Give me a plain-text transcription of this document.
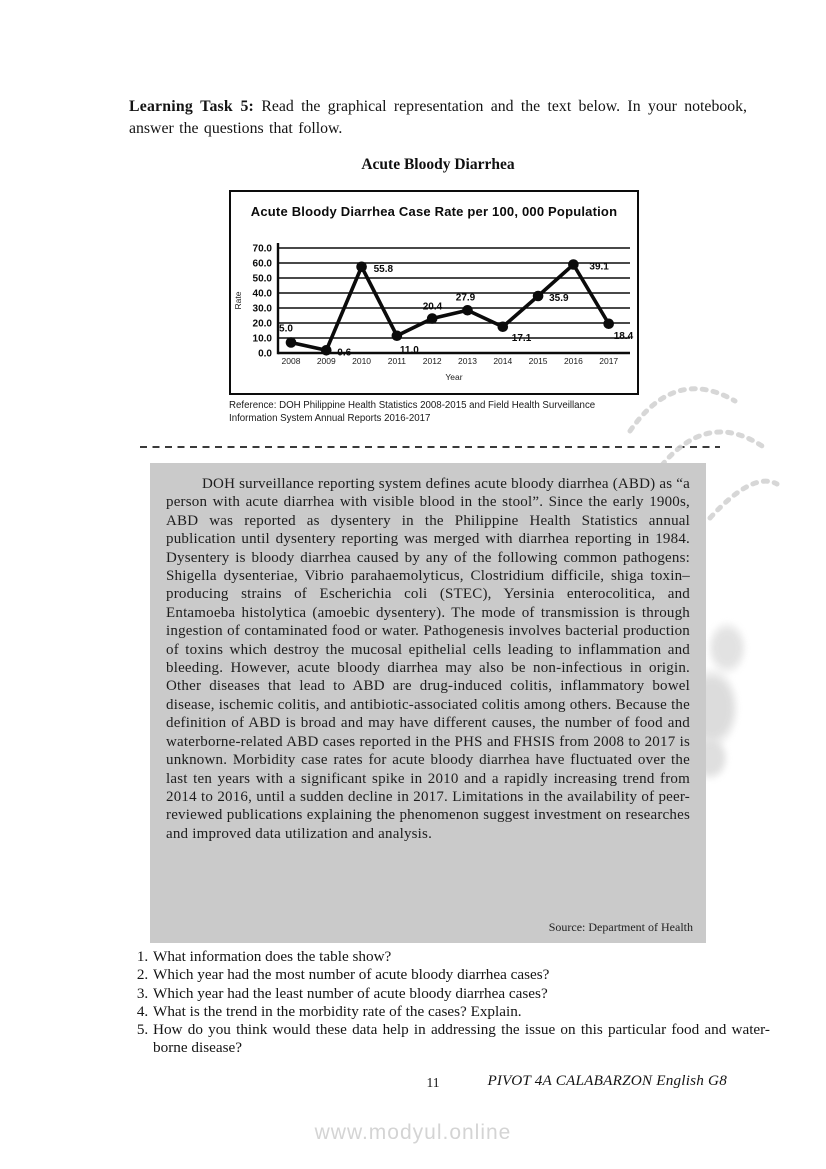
Learning Task 5: Read the graphical representation and the text below. In your notebook, answer the questions that follow.

Acute Bloody Diarrhea
Acute Bloody Diarrhea Case Rate per 100, 000 Population
0.0
10.0
20.0
30.0
40.0
50.0
60.0
70.0
2008 2009 2010 2011 2012 2013 2014 2015 2016 2017
Year
Rate
5.0
0.6
55.8
11.0
20.4
27.9
17.1
35.9
39.1
18.4

Reference: DOH Philippine Health Statistics 2008-2015 and Field Health Surveillance Information System Annual Reports 2016-2017

DOH surveillance reporting system defines acute bloody diarrhea (ABD) as “a person with acute diarrhea with visible blood in the stool”. Since the early 1900s, ABD was reported as dysentery in the Philippine Health Statistics annual publication until dysentery reporting was merged with diarrhea reporting in 1984. Dysentery is bloody diarrhea caused by any of the following common pathogens: Shigella dysenteriae, Vibrio parahaemolyticus, Clostridium difficile, shiga toxin–producing strains of Escherichia coli (STEC), Yersinia enterocolitica, and Entamoeba histolytica (amoebic dysentery). The mode of transmission is through ingestion of contaminated food or water. Pathogenesis involves bacterial production of toxins which destroy the mucosal epithelial cells leading to inflammation and bleeding. However, acute bloody diarrhea may also be non-infectious in origin. Other diseases that lead to ABD are drug-induced colitis, inflammatory bowel disease, ischemic colitis, and antibiotic-associated colitis among others. Because the definition of ABD is broad and may have different causes, the number of food and waterborne-related ABD cases reported in the PHS and FHSIS from 2008 to 2017 is unknown. Morbidity case rates for acute bloody diarrhea have fluctuated over the last ten years with a significant spike in 2010 and a rapidly increasing trend from 2014 to 2016, until a sudden decline in 2017. Limitations in the availability of peer-reviewed publications explaining the phenomenon suggest investment on researches and improved data utilization and analysis.

Source: Department of Health

1. What information does the table show?
2. Which year had the most number of acute bloody diarrhea cases?
3. Which year had the least number of acute bloody diarrhea cases?
4. What is the trend in the morbidity rate of the cases? Explain.
5. How do you think would these data help in addressing the issue on this particular food and water-borne disease?
11	PIVOT 4A CALABARZON English G8
www.modyul.online
